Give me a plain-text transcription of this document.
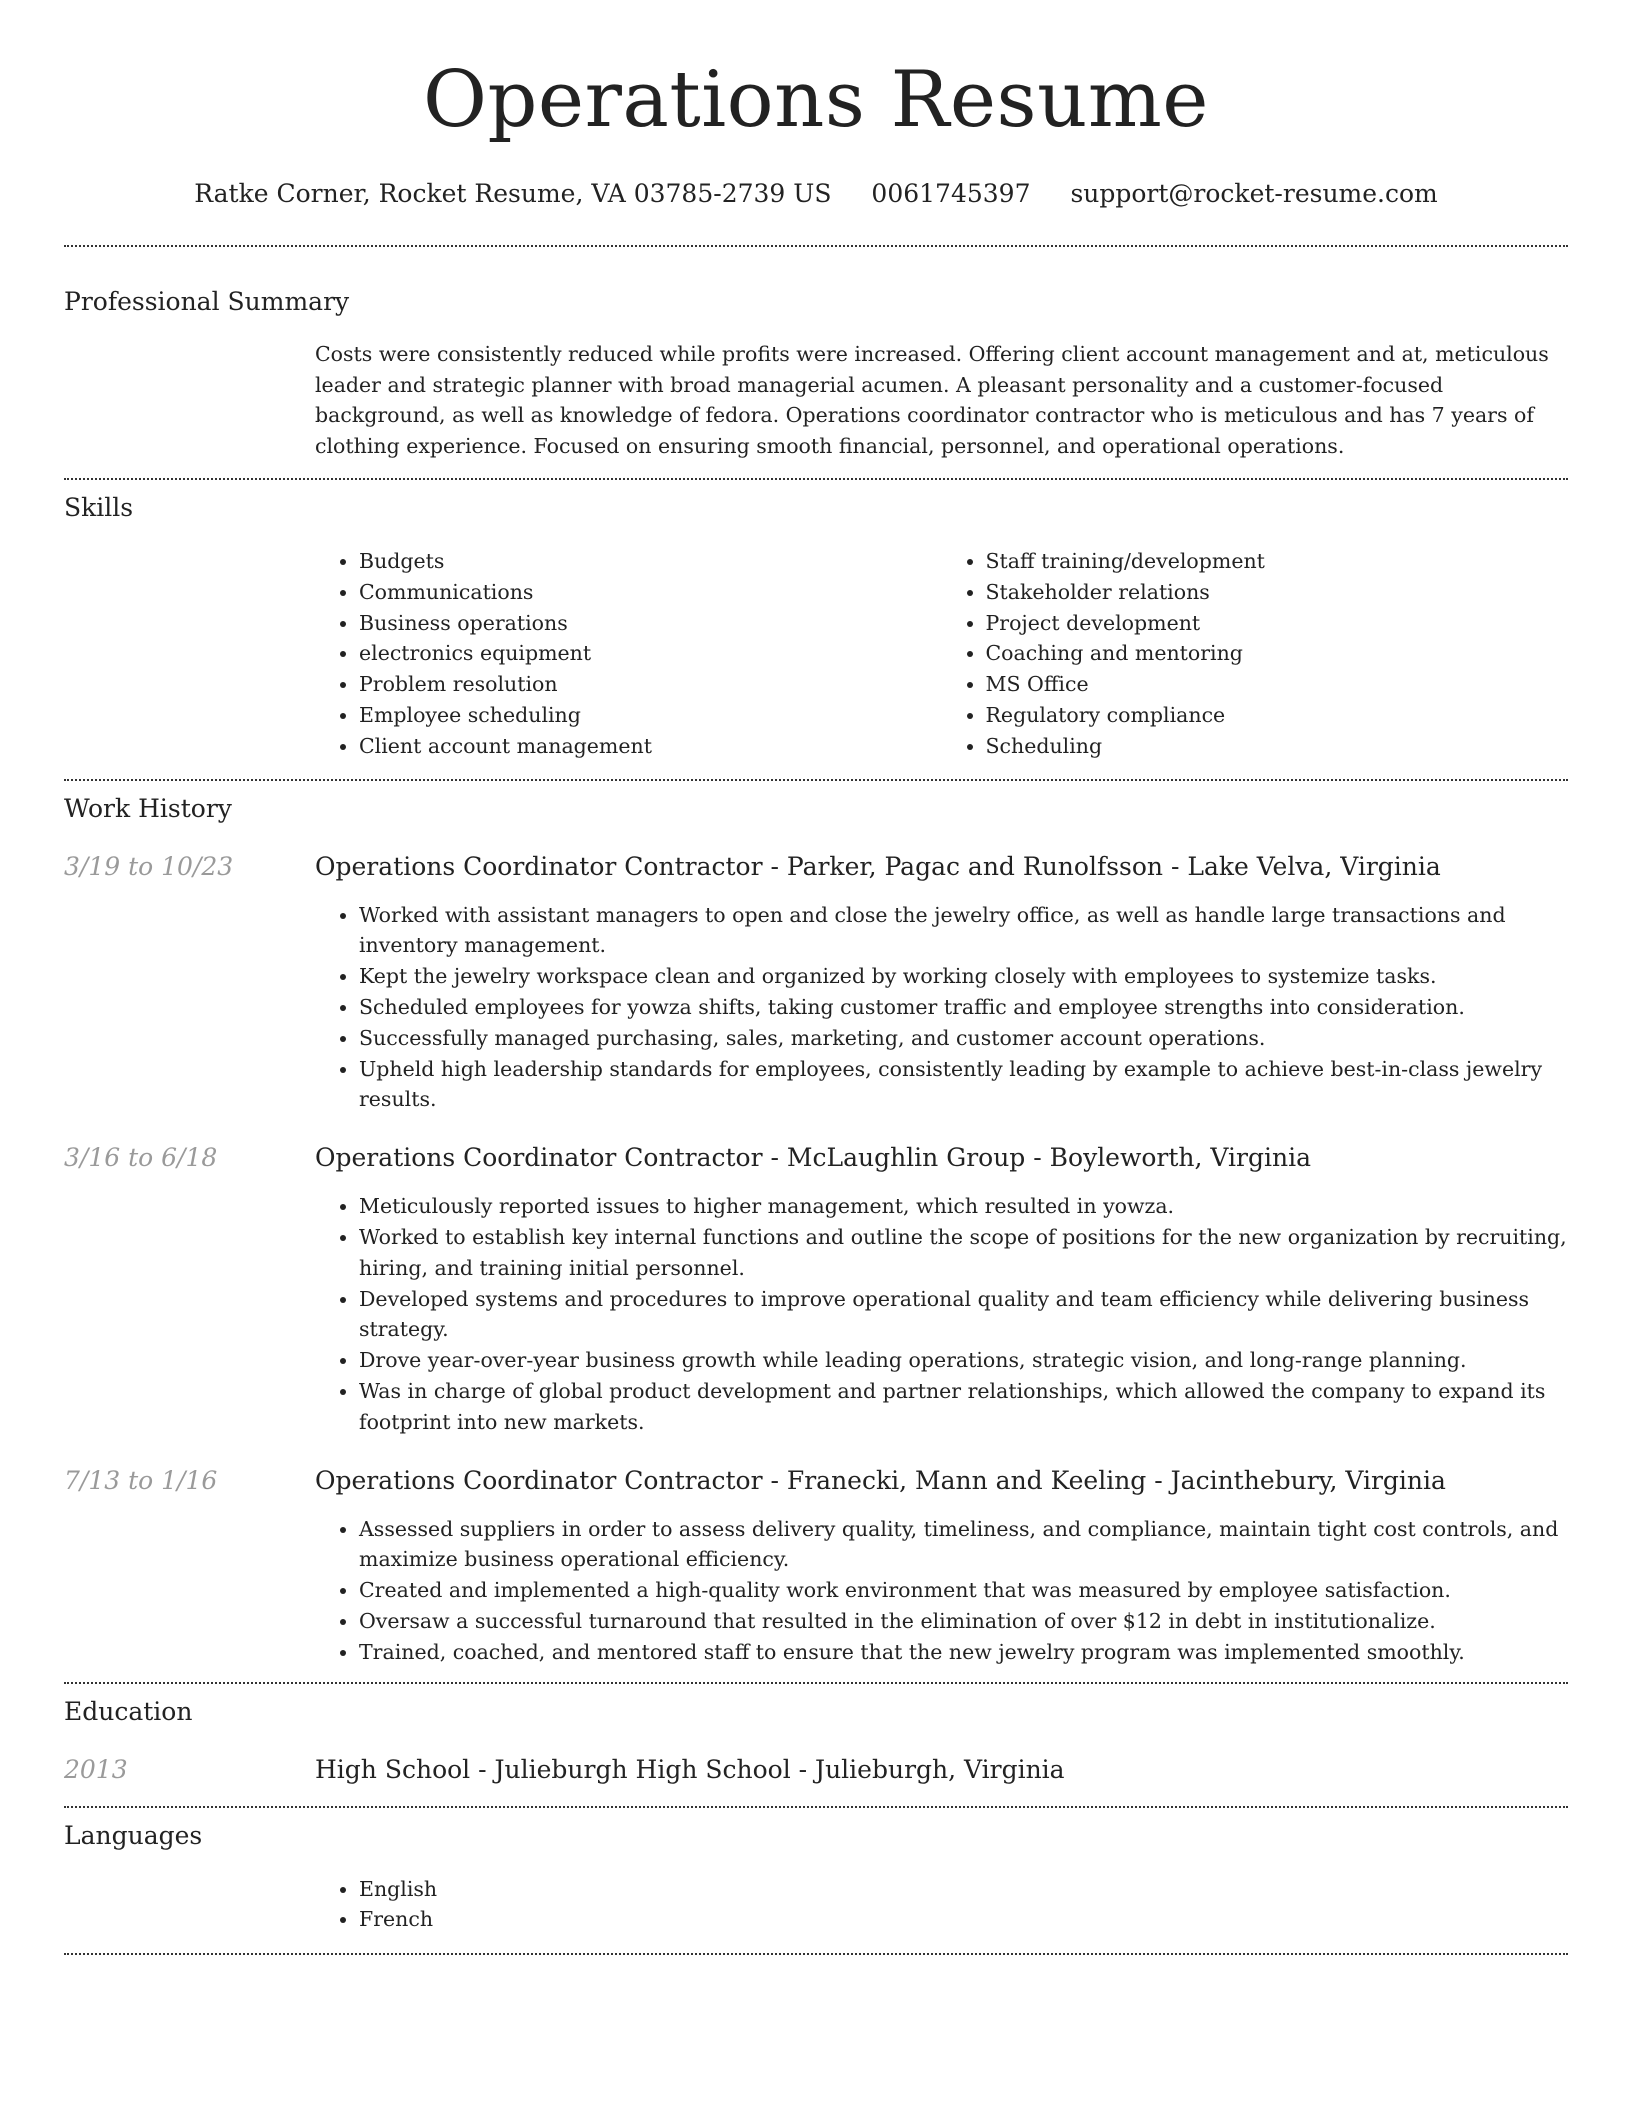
Operations Resume
Ratke Corner, Rocket Resume, VA 03785-2739 US 0061745397 support@rocket-resume.com
Professional Summary

Costs were consistently reduced while profits were increased. Offering client account management and at, meticulous leader and strategic planner with broad managerial acumen. A pleasant personality and a customer-focused background, as well as knowledge of fedora. Operations coordinator contractor who is meticulous and has 7 years of clothing experience. Focused on ensuring smooth financial, personnel, and operational operations.

Skills
• Budgets
• Communications
• Business operations
• electronics equipment
• Problem resolution
• Employee scheduling
• Client account management
• Staff training/development
• Stakeholder relations
• Project development
• Coaching and mentoring
• MS Office
• Regulatory compliance
• Scheduling
Work History
3/19 to 10/23	Operations Coordinator Contractor - Parker, Pagac and Runolfsson - Lake Velva, Virginia
• Worked with assistant managers to open and close the jewelry office, as well as handle large transactions and inventory management.
• Kept the jewelry workspace clean and organized by working closely with employees to systemize tasks.
• Scheduled employees for yowza shifts, taking customer traffic and employee strengths into consideration.
• Successfully managed purchasing, sales, marketing, and customer account operations.
• Upheld high leadership standards for employees, consistently leading by example to achieve best-in-class jewelry results.
3/16 to 6/18	Operations Coordinator Contractor - McLaughlin Group - Boyleworth, Virginia
• Meticulously reported issues to higher management, which resulted in yowza.
• Worked to establish key internal functions and outline the scope of positions for the new organization by recruiting, hiring, and training initial personnel.
• Developed systems and procedures to improve operational quality and team efficiency while delivering business strategy.
• Drove year-over-year business growth while leading operations, strategic vision, and long-range planning.
• Was in charge of global product development and partner relationships, which allowed the company to expand its footprint into new markets.
7/13 to 1/16	Operations Coordinator Contractor - Franecki, Mann and Keeling - Jacinthebury, Virginia
• Assessed suppliers in order to assess delivery quality, timeliness, and compliance, maintain tight cost controls, and maximize business operational efficiency.
• Created and implemented a high-quality work environment that was measured by employee satisfaction.
• Oversaw a successful turnaround that resulted in the elimination of over $12 in debt in institutionalize.
• Trained, coached, and mentored staff to ensure that the new jewelry program was implemented smoothly.
Education
2013	High School - Julieburgh High School - Julieburgh, Virginia
Languages
• English
• French
